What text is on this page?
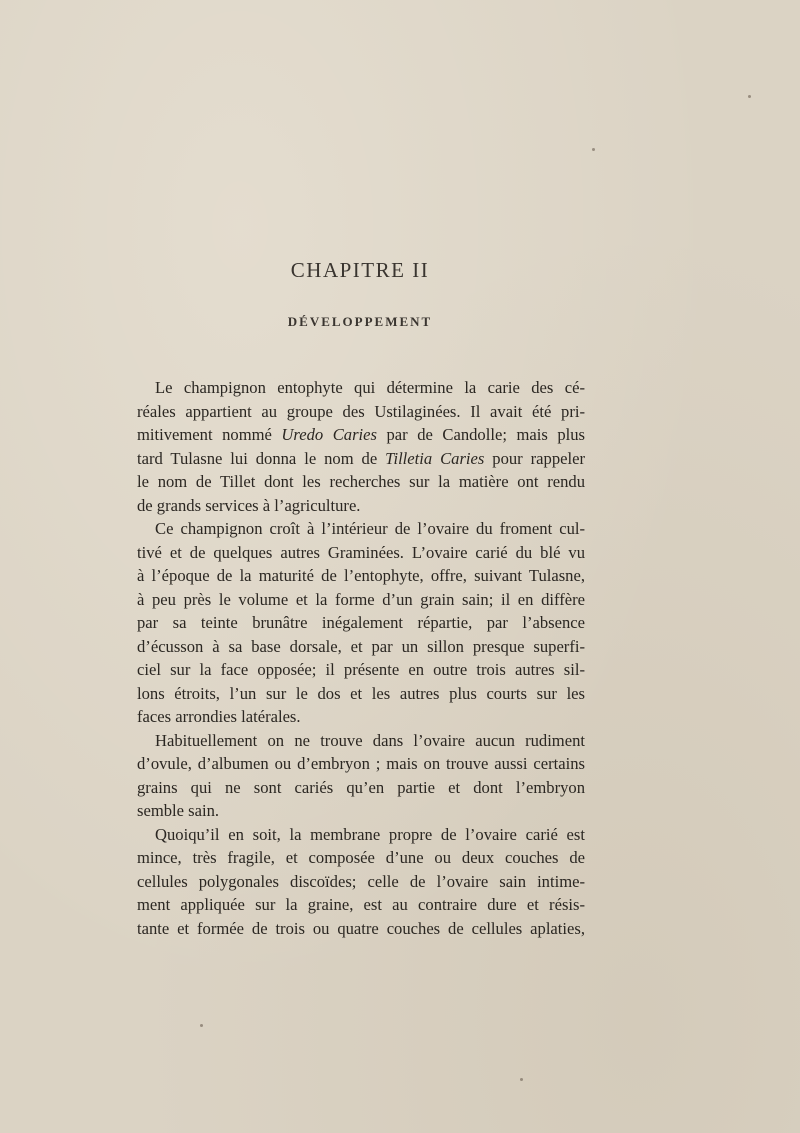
CHAPITRE II
DÉVELOPPEMENT
Le champignon entophyte qui détermine la carie des cé-
réales appartient au groupe des Ustilaginées. Il avait été pri-
mitivement nommé Uredo Caries par de Candolle; mais plus
tard Tulasne lui donna le nom de Tilletia Caries pour rappeler
le nom de Tillet dont les recherches sur la matière ont rendu
de grands services à l’agriculture.
Ce champignon croît à l’intérieur de l’ovaire du froment cul-
tivé et de quelques autres Graminées. L’ovaire carié du blé vu
à l’époque de la maturité de l’entophyte, offre, suivant Tulasne,
à peu près le volume et la forme d’un grain sain; il en diffère
par sa teinte brunâtre inégalement répartie, par l’absence
d’écusson à sa base dorsale, et par un sillon presque superfi-
ciel sur la face opposée; il présente en outre trois autres sil-
lons étroits, l’un sur le dos et les autres plus courts sur les
faces arrondies latérales.
Habituellement on ne trouve dans l’ovaire aucun rudiment
d’ovule, d’albumen ou d’embryon ; mais on trouve aussi certains
grains qui ne sont cariés qu’en partie et dont l’embryon
semble sain.
Quoiqu’il en soit, la membrane propre de l’ovaire carié est
mince, très fragile, et composée d’une ou deux couches de
cellules polygonales discoïdes; celle de l’ovaire sain intime-
ment appliquée sur la graine, est au contraire dure et résis-
tante et formée de trois ou quatre couches de cellules aplaties,
